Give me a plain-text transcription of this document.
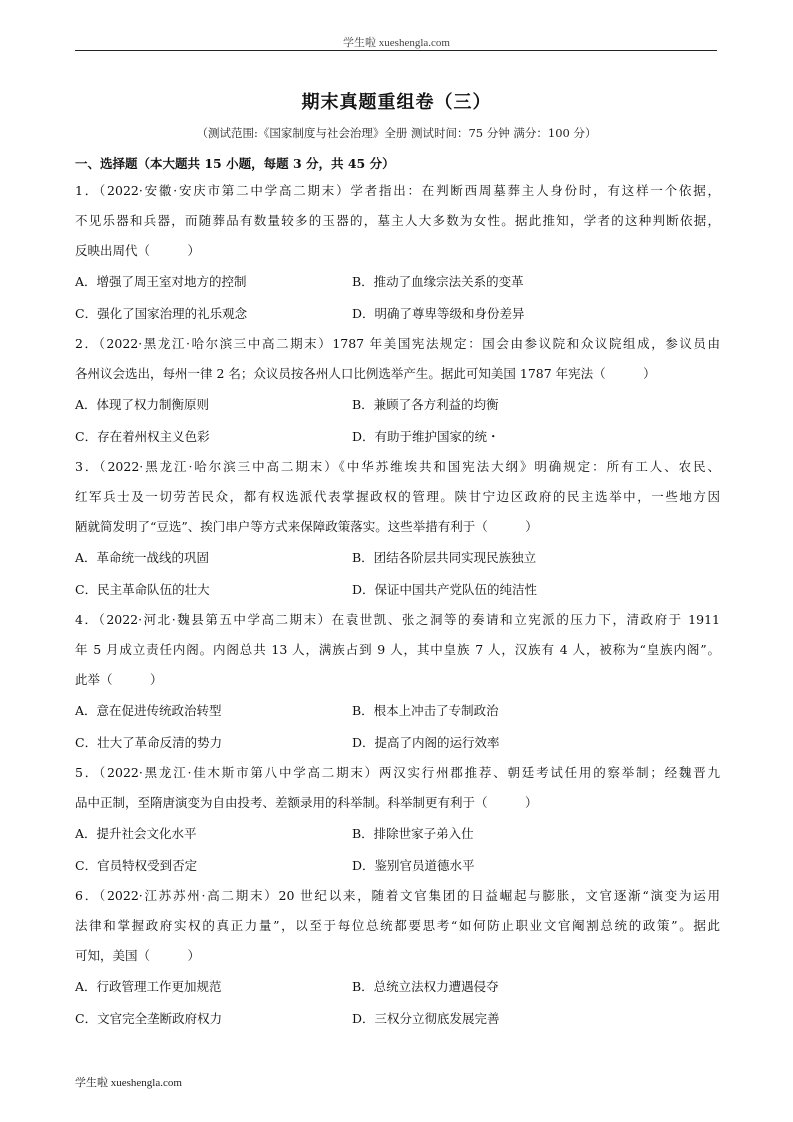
学生啦 xueshengla.com
期末真题重组卷（三）
（测试范围:《国家制度与社会治理》全册 测试时间：75 分钟 满分：100 分）
一、选择题（本大题共 15 小题，每题 3 分，共 45 分）
1．（2022·安徽·安庆市第二中学高二期末）学者指出：在判断西周墓葬主人身份时，有这样一个依据，
不见乐器和兵器，而随葬品有数量较多的玉器的，墓主人大多数为女性。据此推知，学者的这种判断依据，
反映出周代（　　　）
A．增强了周王室对地方的控制	B．推动了血缘宗法关系的变革
C．强化了国家治理的礼乐观念	D．明确了尊卑等级和身份差异
2．（2022·黑龙江·哈尔滨三中高二期末）1787 年美国宪法规定：国会由参议院和众议院组成，参议员由
各州议会选出，每州一律 2 名；众议员按各州人口比例选举产生。据此可知美国 1787 年宪法（　　　）
A．体现了权力制衡原则	B．兼顾了各方利益的均衡
C．存在着州权主义色彩	D．有助于维护国家的统・
3．（2022·黑龙江·哈尔滨三中高二期末）《中华苏维埃共和国宪法大纲》明确规定：所有工人、农民、
红军兵士及一切劳苦民众，都有权选派代表掌握政权的管理。陕甘宁边区政府的民主选举中，一些地方因
陋就简发明了“豆选”、挨门串户等方式来保障政策落实。这些举措有利于（　　　）
A．革命统一战线的巩固	B．团结各阶层共同实现民族独立
C．民主革命队伍的壮大	D．保证中国共产党队伍的纯洁性
4．（2022·河北·魏县第五中学高二期末）在袁世凯、张之洞等的奏请和立宪派的压力下，清政府于 1911
年 5 月成立责任内阁。内阁总共 13 人，满族占到 9 人，其中皇族 7 人，汉族有 4 人，被称为“皇族内阁”。
此举（　　　）
A．意在促进传统政治转型	B．根本上冲击了专制政治
C．壮大了革命反清的势力	D．提高了内阁的运行效率
5．（2022·黑龙江·佳木斯市第八中学高二期末）两汉实行州郡推荐、朝廷考试任用的察举制；经魏晋九
品中正制，至隋唐演变为自由投考、差额录用的科举制。科举制更有利于（　　　）
A．提升社会文化水平	B．排除世家子弟入仕
C．官员特权受到否定	D．鉴别官员道德水平
6．（2022·江苏苏州·高二期末）20 世纪以来，随着文官集团的日益崛起与膨胀，文官逐渐“演变为运用
法律和掌握政府实权的真正力量”，以至于每位总统都要思考“如何防止职业文官阉割总统的政策”。据此
可知，美国（　　　）
A．行政管理工作更加规范	B．总统立法权力遭遇侵夺
C．文官完全垄断政府权力	D．三权分立彻底发展完善
学生啦 xueshengla.com
